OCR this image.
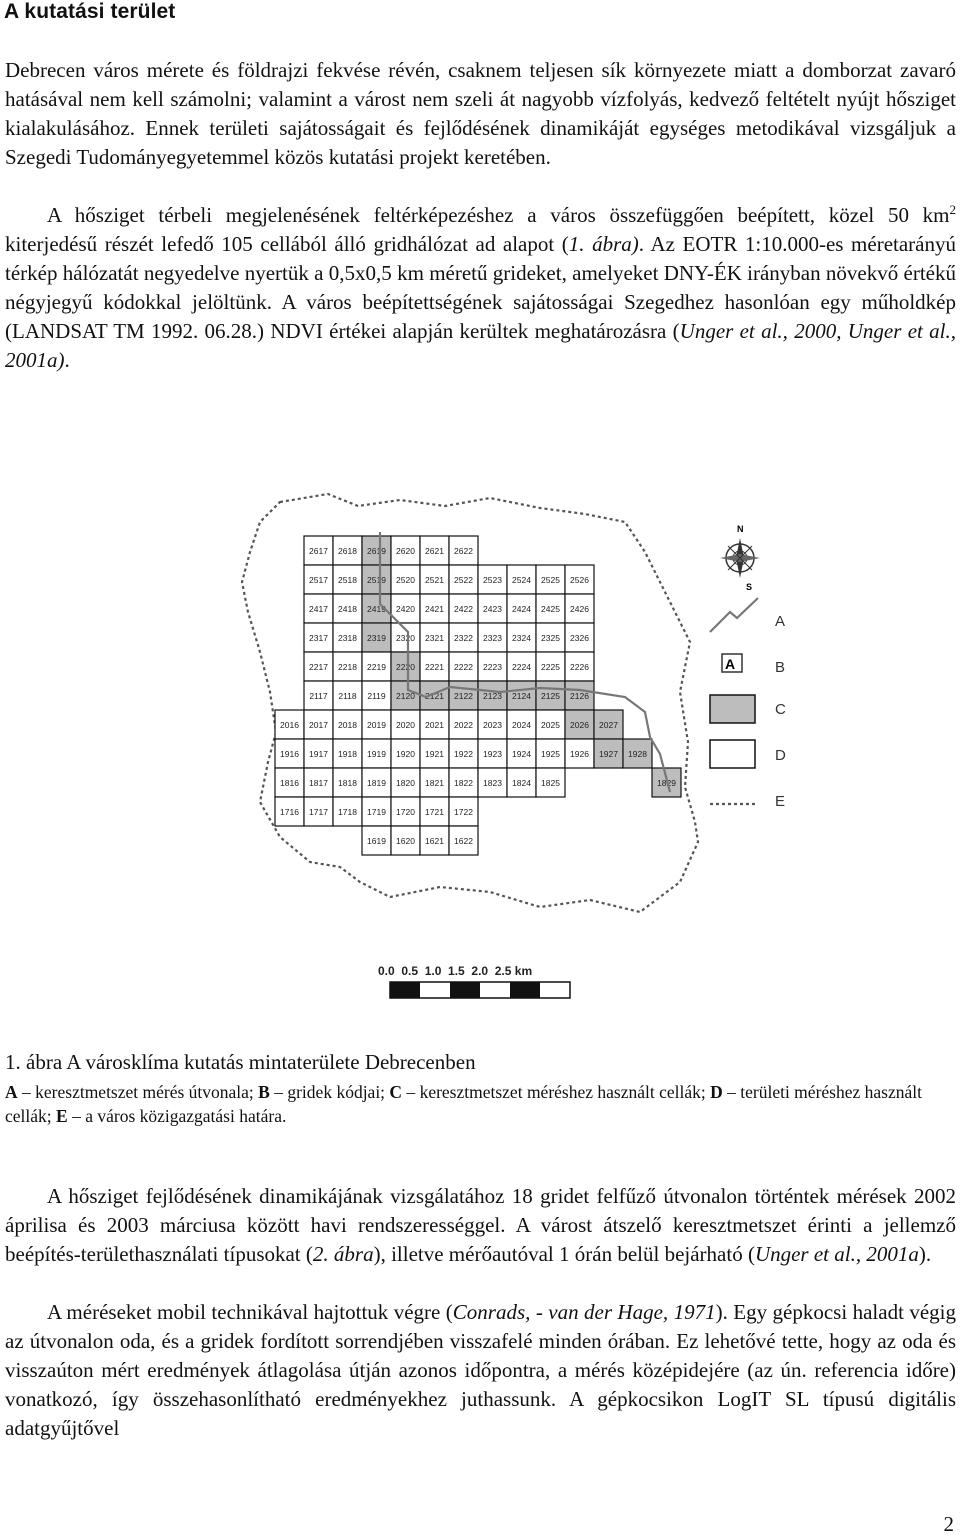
A kutatási terület

Debrecen város mérete és földrajzi fekvése révén, csaknem teljesen sík környezete miatt a domborzat zavaró hatásával nem kell számolni; valamint a várost nem szeli át nagyobb vízfolyás, kedvező feltételt nyújt hősziget kialakulásához. Ennek területi sajátosságait és fejlődésének dinamikáját egységes metodikával vizsgáljuk a Szegedi Tudományegyetemmel közös kutatási projekt keretében.

A hősziget térbeli megjelenésének feltérképezéshez a város összefüggően beépített, közel 50 $km^2$ kiterjedésű részét lefedő 105 cellából álló gridhálózat ad alapot (1. ábra). Az EOTR 1:10.000-es méretarányú térkép hálózatát negyedelve nyertük a 0,5x0,5 km méretű grideket, amelyeket DNY-ÉK irányban növekvő értékű négyjegyű kódokkal jelöltünk. A város beépítettségének sajátosságai Szegedhez hasonlóan egy műholdkép (LANDSAT TM 1992. 06.28.) NDVI értékei alapján kerültek meghatározásra (Unger et al., 2000, Unger et al., 2001a).

2617 2618 2619 2620 2621 2622
2517 2518 2519 2520 2521 2522 2523 2524 2525 2526
2417 2418 2419 2420 2421 2422 2423 2424 2425 2426
2317 2318 2319 2320 2321 2322 2323 2324 2325 2326
2217 2218 2219 2220 2221 2222 2223 2224 2225 2226
2117 2118 2119 2120 2121 2122 2123 2124 2125 2126
2016 2017 2018 2019 2020 2021 2022 2023 2024 2025 2026 2027
1916 1917 1918 1919 1920 1921 1922 1923 1924 1925 1926 1927 1928
1816 1817 1818 1819 1820 1821 1822 1823 1824 1825
1716 1717 1718 1719 1720 1721 1722
1619 1620 1621 1622
1829
N
S
A
A
B
C
D
E
0.0  0.5  1.0  1.5  2.0  2.5 km

1. ábra A városklíma kutatás mintaterülete Debrecenben

A – keresztmetszet mérés útvonala; B – gridek kódjai; C – keresztmetszet méréshez használt cellák; D – területi méréshez használt cellák; E – a város közigazgatási határa.

A hősziget fejlődésének dinamikájának vizsgálatához 18 gridet felfűző útvonalon történtek mérések 2002 áprilisa és 2003 márciusa között havi rendszerességgel. A várost átszelő keresztmetszet érinti a jellemző beépítés-területhasználati típusokat (2. ábra), illetve mérőautóval 1 órán belül bejárható (Unger et al., 2001a).

A méréseket mobil technikával hajtottuk végre (Conrads, - van der Hage, 1971). Egy gépkocsi haladt végig az útvonalon oda, és a gridek fordított sorrendjében visszafelé minden órában. Ez lehetővé tette, hogy az oda és visszaúton mért eredmények átlagolása útján azonos időpontra, a mérés középidejére (az ún. referencia időre) vonatkozó, így összehasonlítható eredményekhez juthassunk. A gépkocsikon LogIT SL típusú digitális adatgyűjtővel

2
